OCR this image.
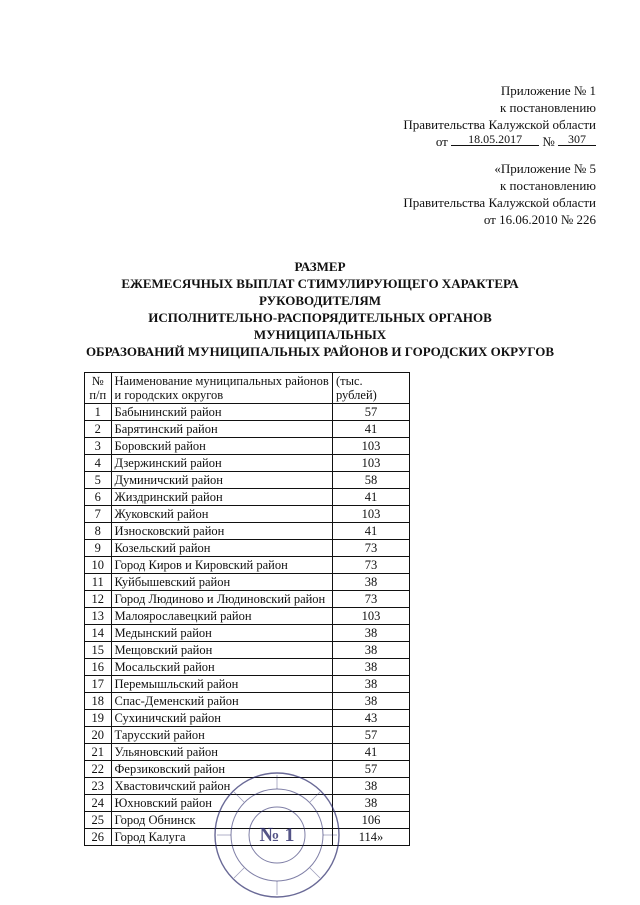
Приложение № 1
к постановлению
Правительства Калужской области
от 18.05.2017 № 307
«Приложение № 5
к постановлению
Правительства Калужской области
от 16.06.2010 № 226
РАЗМЕР
ЕЖЕМЕСЯЧНЫХ ВЫПЛАТ СТИМУЛИРУЮЩЕГО ХАРАКТЕРА
РУКОВОДИТЕЛЯМ
ИСПОЛНИТЕЛЬНО-РАСПОРЯДИТЕЛЬНЫХ ОРГАНОВ
МУНИЦИПАЛЬНЫХ
ОБРАЗОВАНИЙ МУНИЦИПАЛЬНЫХ РАЙОНОВ И ГОРОДСКИХ ОКРУГОВ
№ п/п	Наименование муниципальных районов и городских округов	(тыс. рублей)
1	Бабынинский район	57
2	Барятинский район	41
3	Боровский район	103
4	Дзержинский район	103
5	Думиничский район	58
6	Жиздринский район	41
7	Жуковский район	103
8	Износковский район	41
9	Козельский район	73
10	Город Киров и Кировский район	73
11	Куйбышевский район	38
12	Город Людиново и Людиновский район	73
13	Малоярославецкий район	103
14	Медынский район	38
15	Мещовский район	38
16	Мосальский район	38
17	Перемышльский район	38
18	Спас-Деменский район	38
19	Сухиничский район	43
20	Тарусский район	57
21	Ульяновский район	41
22	Ферзиковский район	57
23	Хвастовичский район	38
24	Юхновский район	38
25	Город Обнинск	106
26	Город Калуга	114»
№ 1
